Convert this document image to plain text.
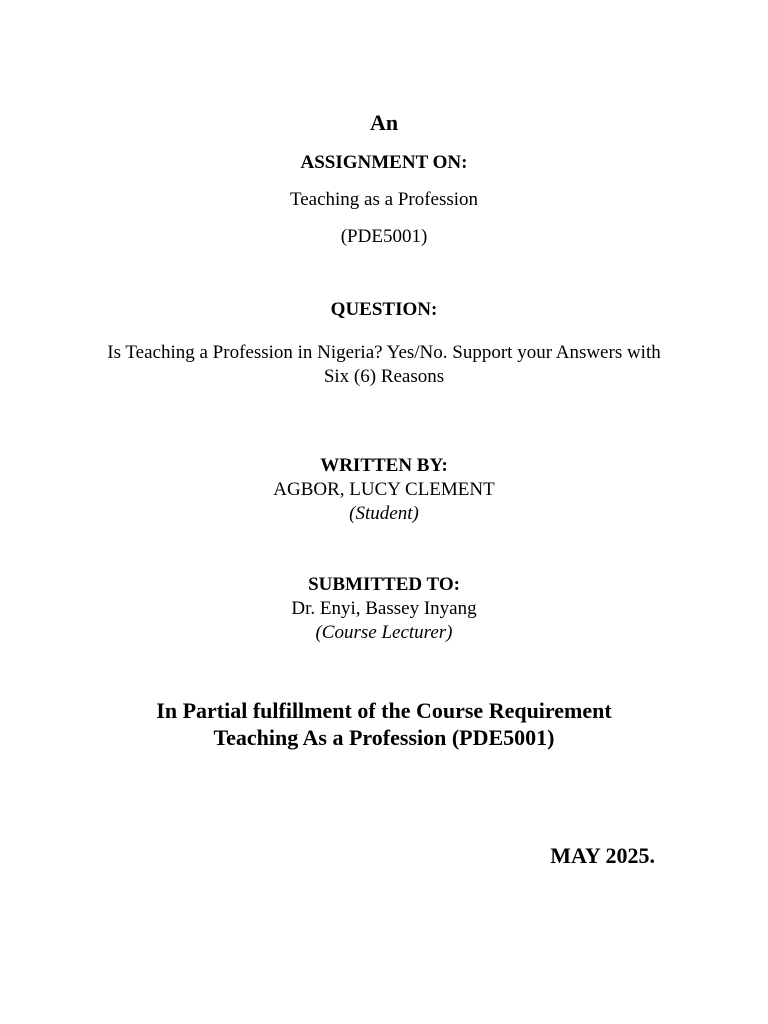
An
ASSIGNMENT ON:
Teaching as a Profession
(PDE5001)
QUESTION:
Is Teaching a Profession in Nigeria? Yes/No. Support your Answers with Six (6) Reasons
WRITTEN BY:
AGBOR, LUCY CLEMENT
(Student)
SUBMITTED TO:
Dr. Enyi, Bassey Inyang
(Course Lecturer)
In Partial fulfillment of the Course Requirement
Teaching As a Profession (PDE5001)
MAY 2025.
